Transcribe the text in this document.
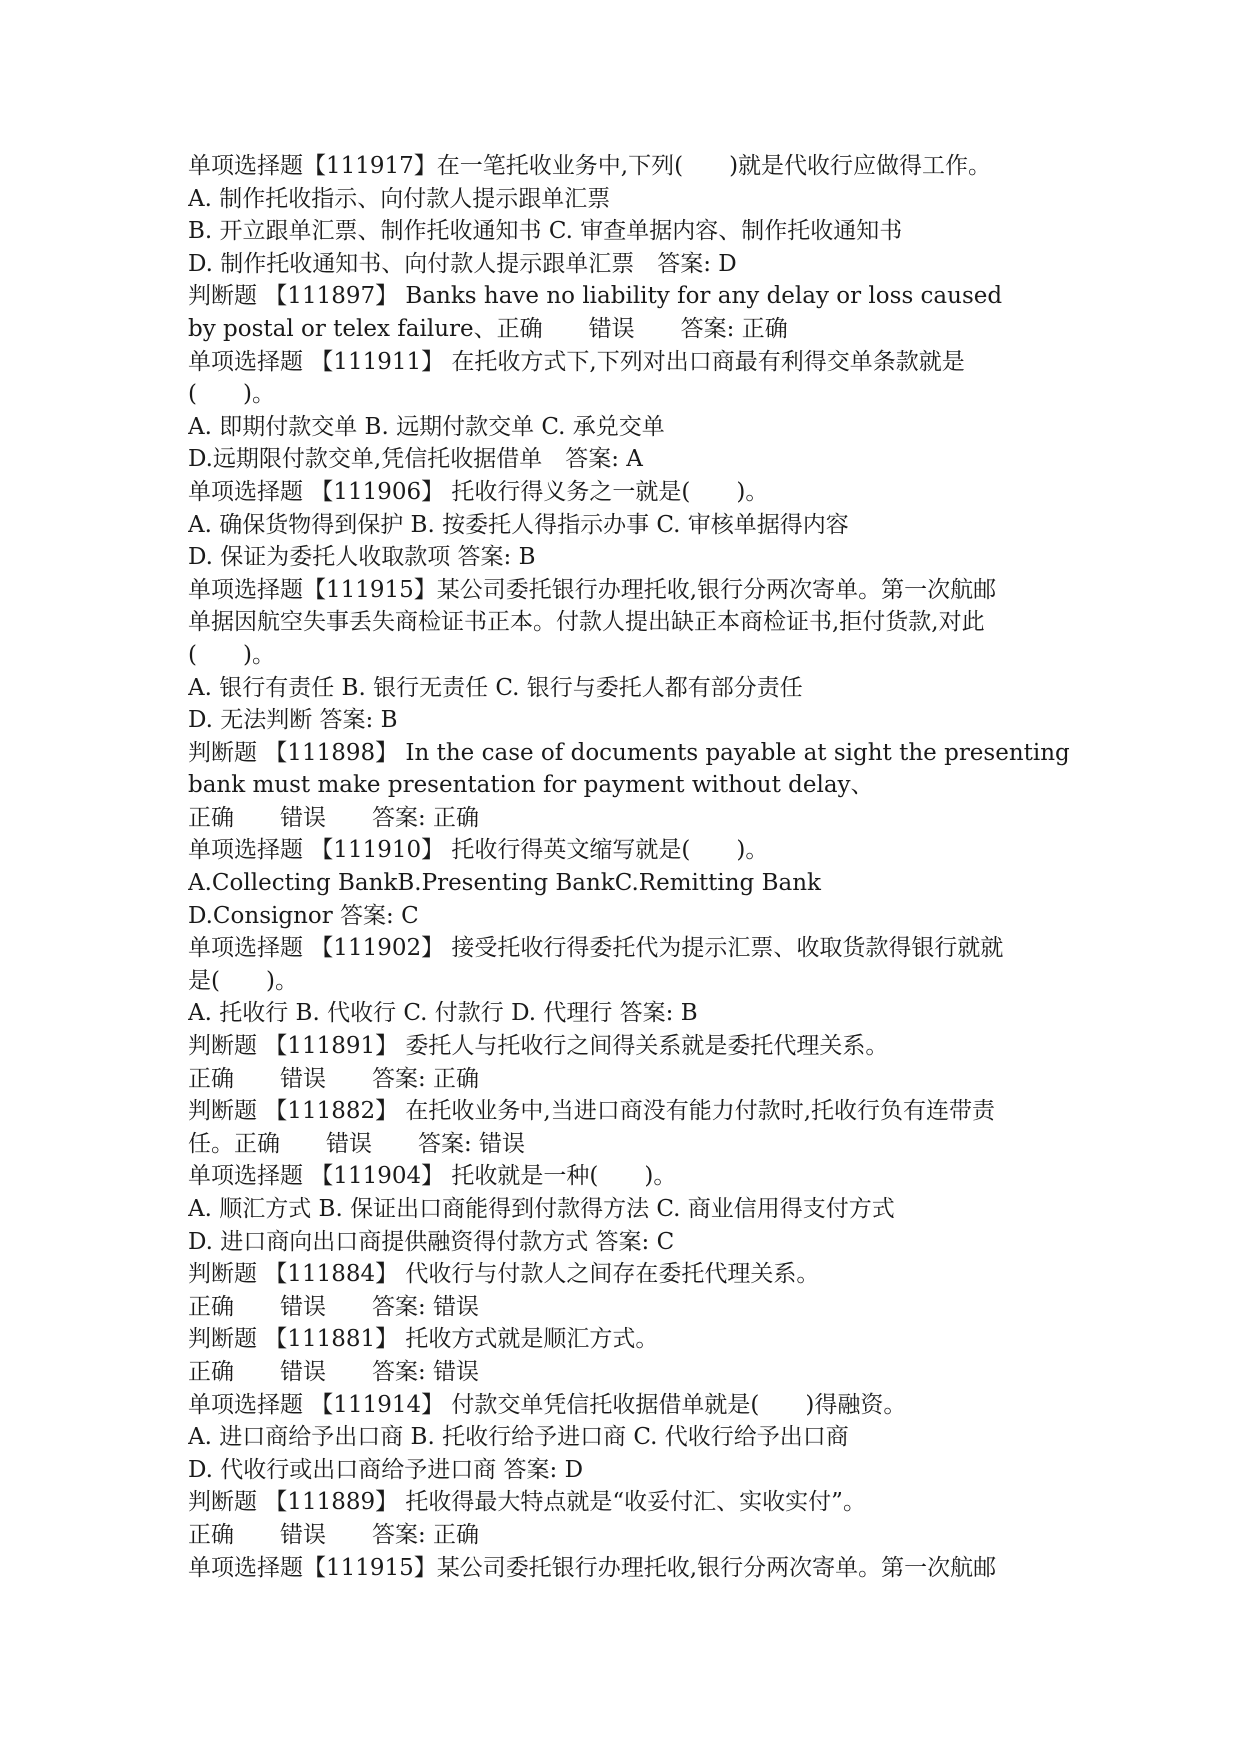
单项选择题【111917】在一笔托收业务中,下列(　　)就是代收行应做得工作。
A. 制作托收指示、向付款人提示跟单汇票
B. 开立跟单汇票、制作托收通知书 C. 审查单据内容、制作托收通知书
D. 制作托收通知书、向付款人提示跟单汇票　答案: D
判断题 【111897】 Banks have no liability for any delay or loss caused
by postal or telex failure、正确　　错误　　答案: 正确
单项选择题 【111911】 在托收方式下,下列对出口商最有利得交单条款就是
(　　)。
A. 即期付款交单 B. 远期付款交单 C. 承兑交单
D.远期限付款交单,凭信托收据借单　答案: A
单项选择题 【111906】 托收行得义务之一就是(　　)。
A. 确保货物得到保护 B. 按委托人得指示办事 C. 审核单据得内容
D. 保证为委托人收取款项 答案: B
单项选择题【111915】某公司委托银行办理托收,银行分两次寄单。第一次航邮
单据因航空失事丢失商检证书正本。付款人提出缺正本商检证书,拒付货款,对此
(　　)。
A. 银行有责任 B. 银行无责任 C. 银行与委托人都有部分责任
D. 无法判断 答案: B
判断题 【111898】 In the case of documents payable at sight the presenting
bank must make presentation for payment without delay、
正确　　错误　　答案: 正确
单项选择题 【111910】 托收行得英文缩写就是(　　)。
A.Collecting BankB.Presenting BankC.Remitting Bank
D.Consignor 答案: C
单项选择题 【111902】 接受托收行得委托代为提示汇票、收取货款得银行就就
是(　　)。
A. 托收行 B. 代收行 C. 付款行 D. 代理行 答案: B
判断题 【111891】 委托人与托收行之间得关系就是委托代理关系。
正确　　错误　　答案: 正确
判断题 【111882】 在托收业务中,当进口商没有能力付款时,托收行负有连带责
任。正确　　错误　　答案: 错误
单项选择题 【111904】 托收就是一种(　　)。
A. 顺汇方式 B. 保证出口商能得到付款得方法 C. 商业信用得支付方式
D. 进口商向出口商提供融资得付款方式 答案: C
判断题 【111884】 代收行与付款人之间存在委托代理关系。
正确　　错误　　答案: 错误
判断题 【111881】 托收方式就是顺汇方式。
正确　　错误　　答案: 错误
单项选择题 【111914】 付款交单凭信托收据借单就是(　　)得融资。
A. 进口商给予出口商 B. 托收行给予进口商 C. 代收行给予出口商
D. 代收行或出口商给予进口商 答案: D
判断题 【111889】 托收得最大特点就是“收妥付汇、实收实付”。
正确　　错误　　答案: 正确
单项选择题【111915】某公司委托银行办理托收,银行分两次寄单。第一次航邮
